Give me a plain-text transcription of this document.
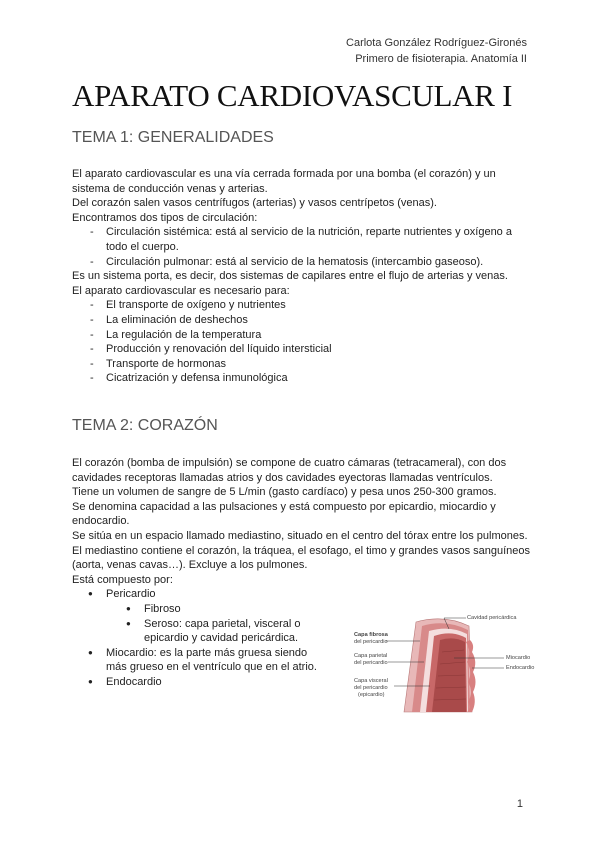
Carlota González Rodríguez-Gironés
Primero de fisioterapia. Anatomía II
APARATO CARDIOVASCULAR I
TEMA 1: GENERALIDADES

El aparato cardiovascular es una vía cerrada formada por una bomba (el corazón) y un sistema de conducción venas y arterias.

Del corazón salen vasos centrífugos (arterias) y vasos centrípetos (venas).

Encontramos dos tipos de circulación:

- Circulación sistémica: está al servicio de la nutrición, reparte nutrientes y oxígeno a todo el cuerpo.
- Circulación pulmonar: está al servicio de la hematosis (intercambio gaseoso).

Es un sistema porta, es decir, dos sistemas de capilares entre el flujo de arterias y venas.

El aparato cardiovascular es necesario para:

- El transporte de oxígeno y nutrientes
- La eliminación de deshechos
- La regulación de la temperatura
- Producción y renovación del líquido intersticial
- Transporte de hormonas
- Cicatrización y defensa inmunológica
TEMA 2: CORAZÓN

El corazón (bomba de impulsión) se compone de cuatro cámaras (tetracameral), con dos cavidades receptoras llamadas atrios y dos cavidades eyectoras llamadas ventrículos.

Tiene un volumen de sangre de 5 L/min (gasto cardíaco) y pesa unos 250-300 gramos.

Se denomina capacidad a las pulsaciones y está compuesto por epicardio, miocardio y endocardio.

Se sitúa en un espacio llamado mediastino, situado en el centro del tórax entre los pulmones.

El mediastino contiene el corazón, la tráquea, el esofago, el timo y grandes vasos sanguíneos (aorta, venas cavas…). Excluye a los pulmones.

Está compuesto por:

● Pericardio
● Fibroso
● Seroso: capa parietal, visceral o epicardio y cavidad pericárdica.
● Miocardio: es la parte más gruesa siendo más grueso en el ventrículo que en el atrio.
● Endocardio
Cavidad pericárdica
Capa fibrosa
del pericardio
Capa parietal
del pericardio
Capa visceral
del pericardio
(epicardio)
Miocardio
Endocardio
1
